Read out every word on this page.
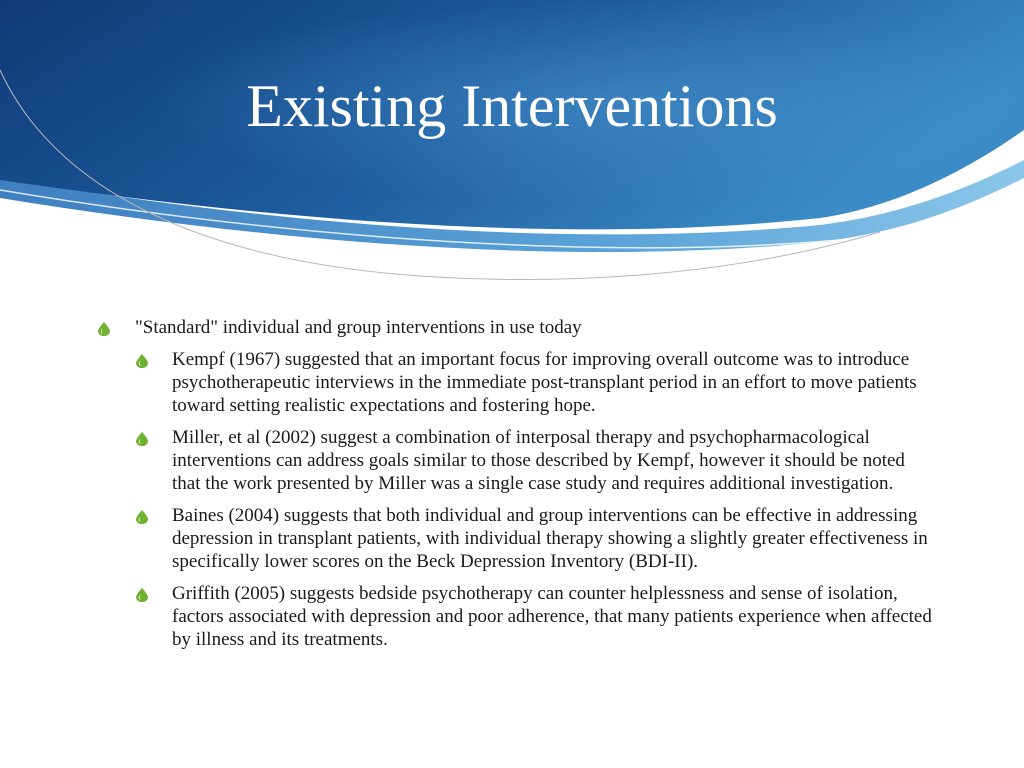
Existing Interventions
"Standard" individual and group interventions in use today
Kempf (1967) suggested that an important focus for improving overall outcome was to introduce psychotherapeutic interviews in the immediate post-transplant period in an effort to move patients toward setting realistic expectations and fostering hope.
Miller, et al (2002) suggest a combination of interposal therapy and psychopharmacological interventions can address goals similar to those described by Kempf, however it should be noted that the work presented by Miller was a single case study and requires additional investigation.
Baines (2004) suggests that both individual and group interventions can be effective in addressing depression in transplant patients, with individual therapy showing a slightly greater effectiveness in specifically lower scores on the Beck Depression Inventory (BDI-II).
Griffith (2005) suggests bedside psychotherapy can counter helplessness and sense of isolation, factors associated with depression and poor adherence, that many patients experience when affected by illness and its treatments.
